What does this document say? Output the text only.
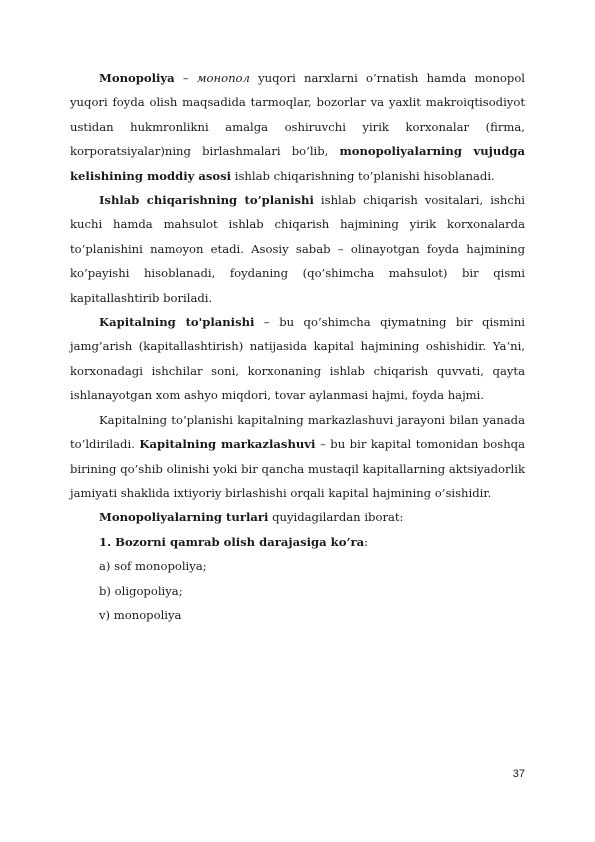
Monopoliya – монопол yuqori narxlarni o’rnatish hamda monopol yuqori foyda olish maqsadida tarmoqlar, bozorlar va yaxlit makroiqtisodiyot ustidan hukmronlikni amalga oshiruvchi yirik korxonalar (firma, korporatsiyalar)ning birlashmalari bo’lib, monopoliyalarning vujudga kelishining moddiy asosi ishlab chiqarishning to’planishi hisoblanadi.

Ishlab chiqarishning to’planishi ishlab chiqarish vositalari, ishchi kuchi hamda mahsulot ishlab chiqarish hajmining yirik korxonalarda to’planishini namoyon etadi. Asosiy sabab – olinayotgan foyda hajmining ko’payishi hisoblanadi, foydaning (qo’shimcha mahsulot) bir qismi kapitallashtirib boriladi.

Kapitalning to'planishi – bu qo’shimcha qiymatning bir qismini jamg’arish (kapitallashtirish) natijasida kapital hajmining oshishidir. Ya‘ni, korxonadagi ishchilar soni, korxonaning ishlab chiqarish quvvati, qayta ishlanayotgan xom ashyo miqdori, tovar aylanmasi hajmi, foyda hajmi.

Kapitalning to’planishi kapitalning markazlashuvi jarayoni bilan yanada to’ldiriladi. Kapitalning markazlashuvi – bu bir kapital tomonidan boshqa birining qo’shib olinishi yoki bir qancha mustaqil kapitallarning aktsiyadorlik jamiyati shaklida ixtiyoriy birlashishi orqali kapital hajmining o’sishidir.

Monopoliyalarning turlari quyidagilardan iborat:

1. Bozorni qamrab olish darajasiga ko’ra:

a) sof monopoliya;

b) oligopoliya;

v) monopoliya

37
